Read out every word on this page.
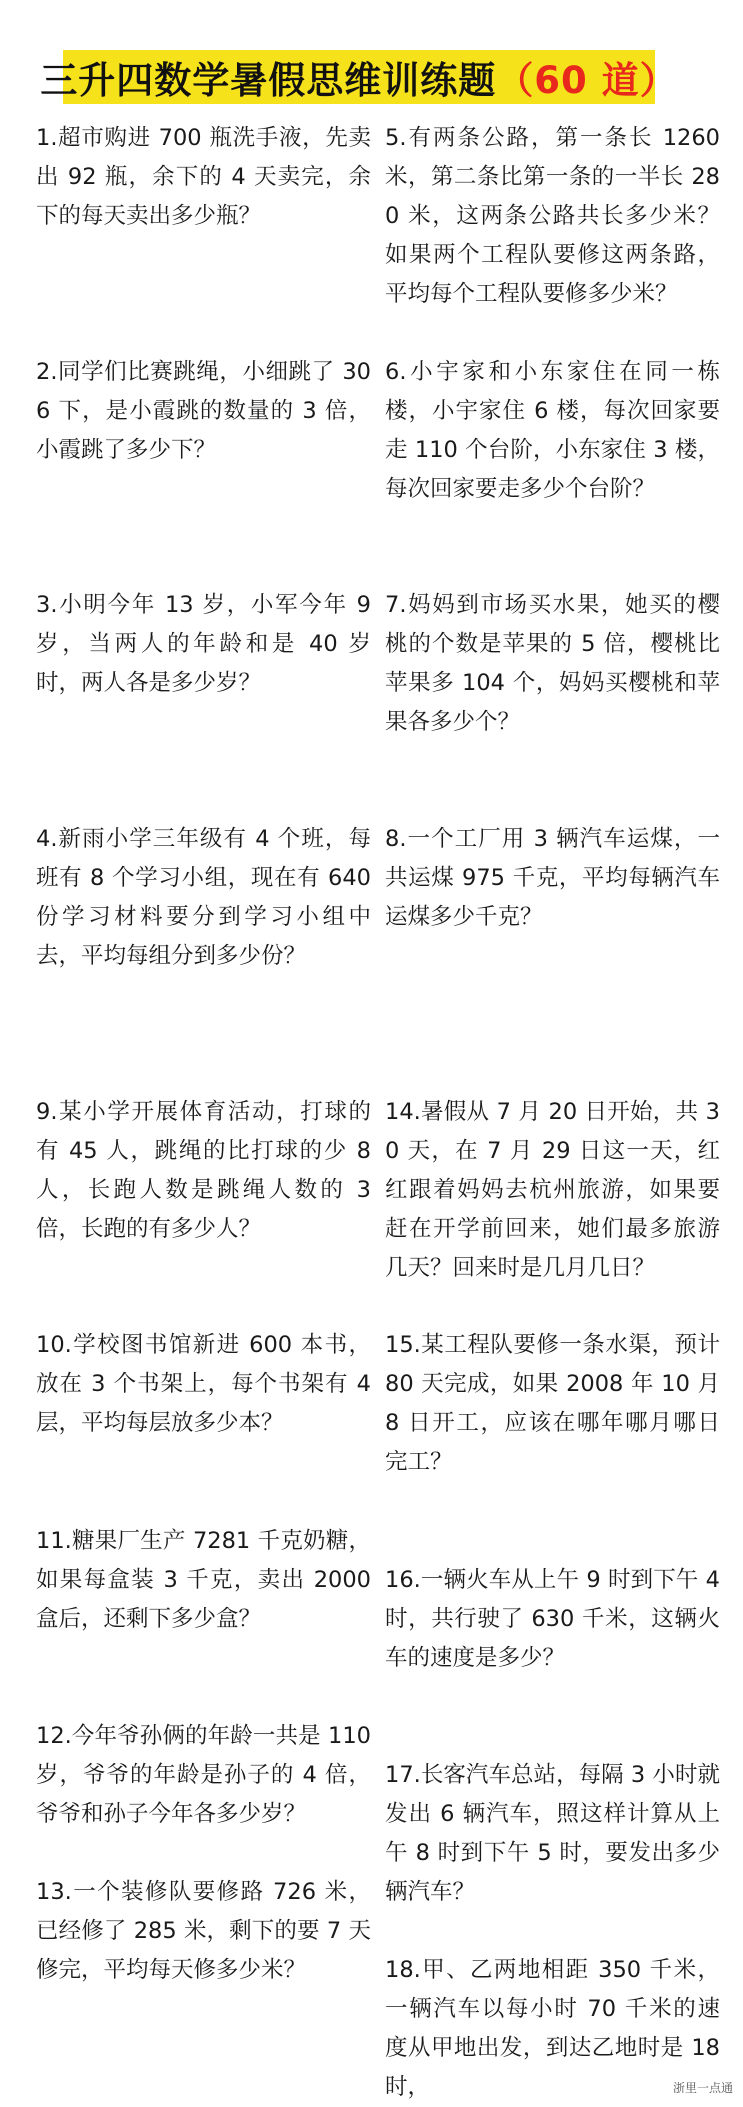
三升四数学暑假思维训练题 （60 道）

1.超市购进 700 瓶洗手液，先卖出 92 瓶，余下的 4 天卖完，余下的每天卖出多少瓶？

2.同学们比赛跳绳，小细跳了 306 下，是小霞跳的数量的 3 倍，小霞跳了多少下？

3.小明今年 13 岁，小军今年 9 岁，当两人的年龄和是 40 岁时，两人各是多少岁？

4.新雨小学三年级有 4 个班，每班有 8 个学习小组，现在有 640 份学习材料要分到学习小组中去，平均每组分到多少份？

9.某小学开展体育活动，打球的有 45 人，跳绳的比打球的少 8 人，长跑人数是跳绳人数的 3 倍，长跑的有多少人？

10.学校图书馆新进 600 本书，放在 3 个书架上，每个书架有 4 层，平均每层放多少本？

11.糖果厂生产 7281 千克奶糖，如果每盒装 3 千克，卖出 2000 盒后，还剩下多少盒？

12.今年爷孙俩的年龄一共是 110 岁，爷爷的年龄是孙子的 4 倍，爷爷和孙子今年各多少岁？

13.一个装修队要修路 726 米，已经修了 285 米，剩下的要 7 天修完，平均每天修多少米？

5.有两条公路，第一条长 1260 米，第二条比第一条的一半长 280 米，这两条公路共长多少米？如果两个工程队要修这两条路，平均每个工程队要修多少米？

6.小宇家和小东家住在同一栋楼，小宇家住 6 楼，每次回家要走 110 个台阶，小东家住 3 楼，每次回家要走多少个台阶？

7.妈妈到市场买水果，她买的樱桃的个数是苹果的 5 倍，樱桃比苹果多 104 个，妈妈买樱桃和苹果各多少个？

8.一个工厂用 3 辆汽车运煤，一共运煤 975 千克，平均每辆汽车运煤多少千克？

14.暑假从 7 月 20 日开始，共 30 天，在 7 月 29 日这一天，红红跟着妈妈去杭州旅游，如果要赶在开学前回来，她们最多旅游几天？回来时是几月几日？

15.某工程队要修一条水渠，预计 80 天完成，如果 2008 年 10 月 8 日开工，应该在哪年哪月哪日完工？

16.一辆火车从上午 9 时到下午 4 时，共行驶了 630 千米，这辆火车的速度是多少？

17.长客汽车总站，每隔 3 小时就发出 6 辆汽车，照这样计算从上午 8 时到下午 5 时，要发出多少辆汽车？

18.甲、乙两地相距 350 千米，一辆汽车以每小时 70 千米的速度从甲地出发，到达乙地时是 18 时，	浙里一点通
